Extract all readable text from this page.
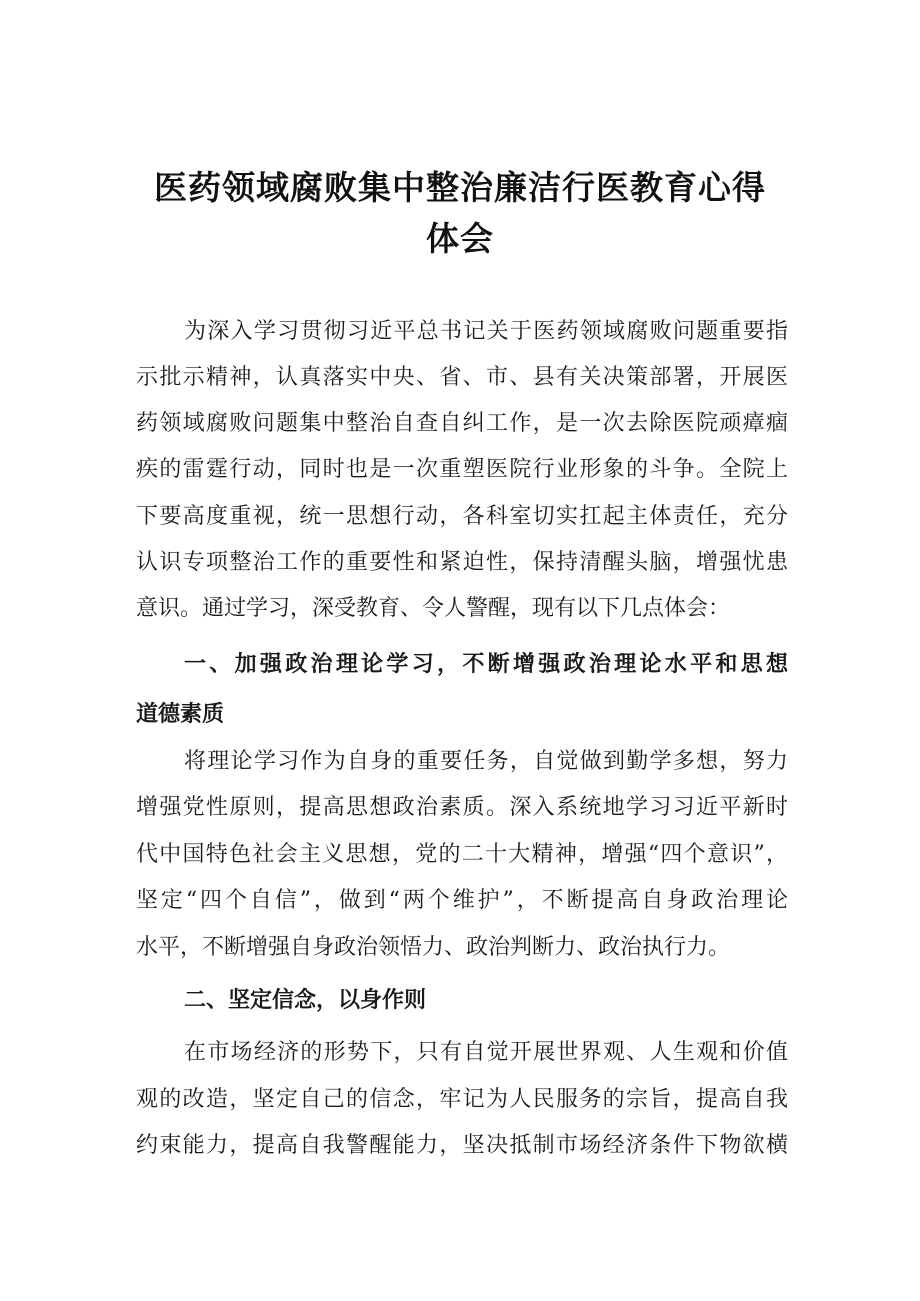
医药领域腐败集中整治廉洁行医教育心得
体会
为深入学习贯彻习近平总书记关于医药领域腐败问题重要指
示批示精神，认真落实中央、省、市、县有关决策部署，开展医
药领域腐败问题集中整治自查自纠工作，是一次去除医院顽瘴痼
疾的雷霆行动，同时也是一次重塑医院行业形象的斗争。全院上
下要高度重视，统一思想行动，各科室切实扛起主体责任，充分
认识专项整治工作的重要性和紧迫性，保持清醒头脑，增强忧患
意识。通过学习，深受教育、令人警醒，现有以下几点体会：
一、加强政治理论学习，不断增强政治理论水平和思想
道德素质
将理论学习作为自身的重要任务，自觉做到勤学多想，努力
增强党性原则，提高思想政治素质。深入系统地学习习近平新时
代中国特色社会主义思想，党的二十大精神，增强“四个意识”，
坚定“四个自信”，做到“两个维护”，不断提高自身政治理论
水平，不断增强自身政治领悟力、政治判断力、政治执行力。
二、坚定信念，以身作则
在市场经济的形势下，只有自觉开展世界观、人生观和价值
观的改造，坚定自己的信念，牢记为人民服务的宗旨，提高自我
约束能力，提高自我警醒能力，坚决抵制市场经济条件下物欲横
